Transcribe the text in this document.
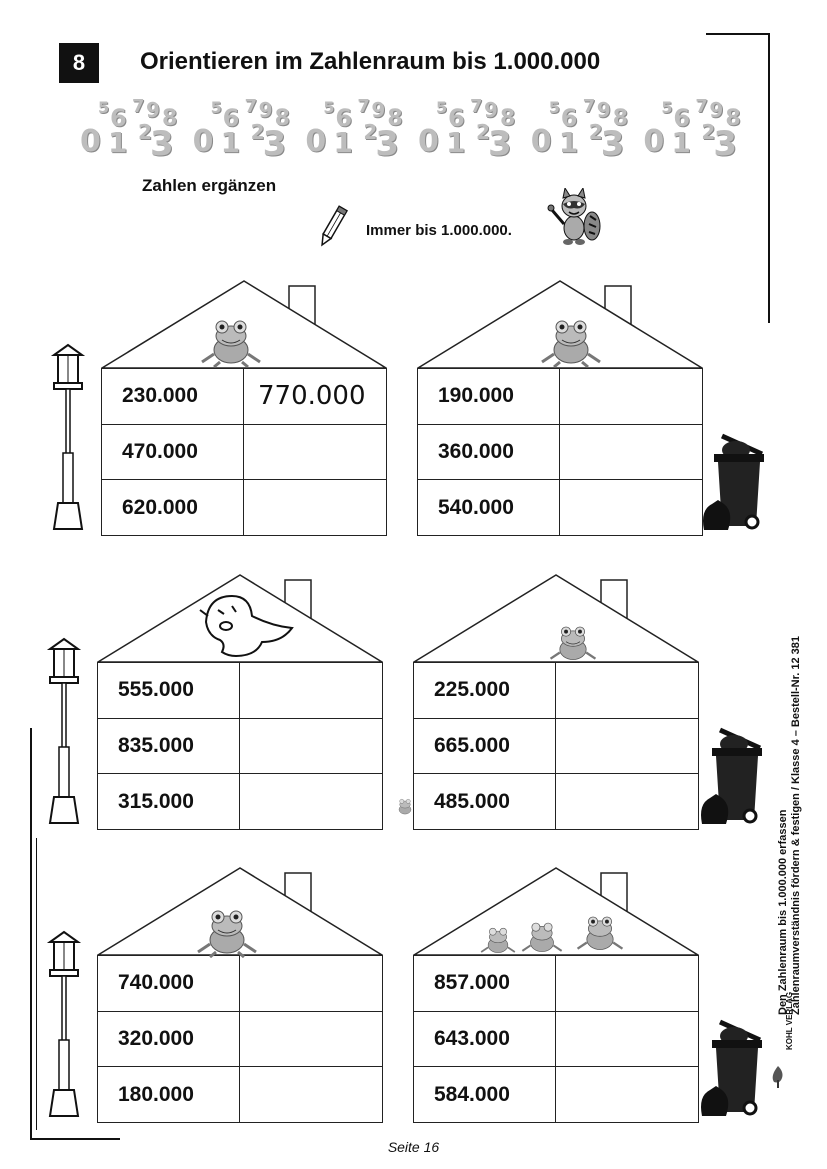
8	Orientieren im Zahlenraum bis 1.000.000
5 6 7 9 8
2
3
0 1
5 6 7 9 8
2
3
0 1
5 6 7 9 8
2
3
0 1
5 6 7 9 8
2
3
0 1
5 6 7 9 8
2
3
0 1
5 6 7 9 8
2
3
0 1
Zahlen ergänzen
Immer bis 1.000.000.
230.000	770.000
470.000	
620.000	
190.000	
360.000	
540.000	
555.000	
835.000	
315.000	
225.000	
665.000	
485.000	
740.000	
320.000	
180.000	
857.000	
643.000	
584.000	
Den Zahlenraum bis 1.000.000 erfassen Zahlenraumverständnis fördern & festigen / Klasse 4 – Bestell-Nr. 12 381
KOHL VERLAG
Seite 16
